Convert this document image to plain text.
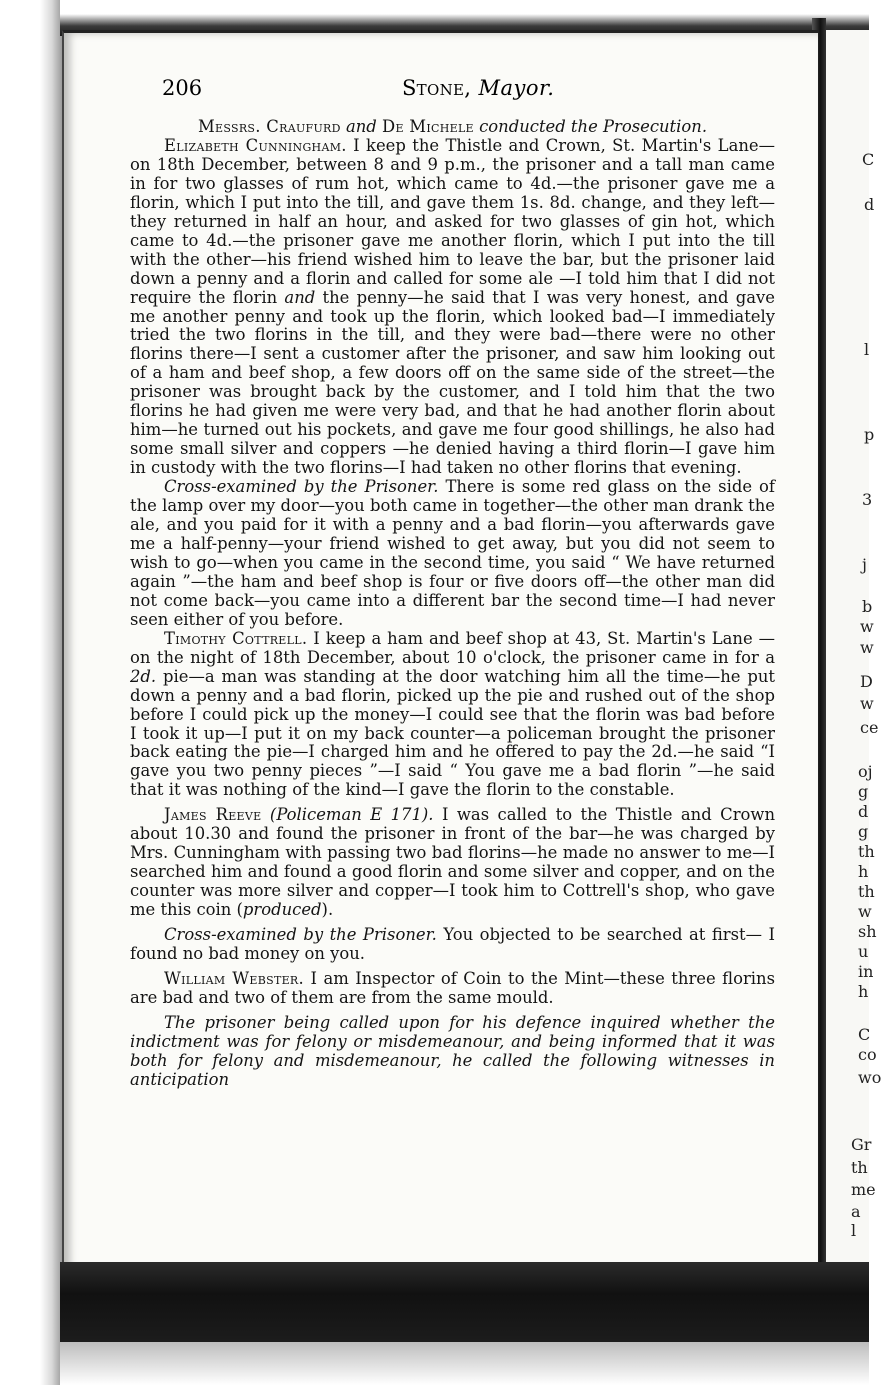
C
d
l
p
3
j
b
w
w
D
w
ce
oj
g
d
g
th
h
th
w
sh
u
in
h
C
co
wo
Gr
th
me
a l
206	Stone, Mayor.
Messrs. Craufurd and De Michele conducted the Prosecution.

Elizabeth Cunningham. I keep the Thistle and Crown, St. Martin's Lane—on 18th December, between 8 and 9 p.m., the prisoner and a tall man came in for two glasses of rum hot, which came to 4d.—the prisoner gave me a florin, which I put into the till, and gave them 1s. 8d. change, and they left—they returned in half an hour, and asked for two glasses of gin hot, which came to 4d.—the prisoner gave me another florin, which I put into the till with the other—his friend wished him to leave the bar, but the prisoner laid down a penny and a florin and called for some ale —I told him that I did not require the florin and the penny—he said that I was very honest, and gave me another penny and took up the florin, which looked bad—I immediately tried the two florins in the till, and they were bad—there were no other florins there—I sent a customer after the prisoner, and saw him looking out of a ham and beef shop, a few doors off on the same side of the street—the prisoner was brought back by the customer, and I told him that the two florins he had given me were very bad, and that he had another florin about him—he turned out his pockets, and gave me four good shillings, he also had some small silver and coppers —he denied having a third florin—I gave him in custody with the two florins—I had taken no other florins that evening.

Cross-examined by the Prisoner. There is some red glass on the side of the lamp over my door—you both came in together—the other man drank the ale, and you paid for it with a penny and a bad florin—you afterwards gave me a half-penny—your friend wished to get away, but you did not seem to wish to go—when you came in the second time, you said “ We have returned again ”—the ham and beef shop is four or five doors off—the other man did not come back—you came into a different bar the second time—I had never seen either of you before.

Timothy Cottrell. I keep a ham and beef shop at 43, St. Martin's Lane —on the night of 18th December, about 10 o'clock, the prisoner came in for a 2d. pie—a man was standing at the door watching him all the time—he put down a penny and a bad florin, picked up the pie and rushed out of the shop before I could pick up the money—I could see that the florin was bad before I took it up—I put it on my back counter—a policeman brought the prisoner back eating the pie—I charged him and he offered to pay the 2d.—he said “I gave you two penny pieces ”—I said “ You gave me a bad florin ”—he said that it was nothing of the kind—I gave the florin to the constable.

James Reeve (Policeman E 171). I was called to the Thistle and Crown about 10.30 and found the prisoner in front of the bar—he was charged by Mrs. Cunningham with passing two bad florins—he made no answer to me—I searched him and found a good florin and some silver and copper, and on the counter was more silver and copper—I took him to Cottrell's shop, who gave me this coin (produced).

Cross-examined by the Prisoner. You objected to be searched at first— I found no bad money on you.

William Webster. I am Inspector of Coin to the Mint—these three florins are bad and two of them are from the same mould.

The prisoner being called upon for his defence inquired whether the indictment was for felony or misdemeanour, and being informed that it was both for felony and misdemeanour, he called the following witnesses in anticipation
